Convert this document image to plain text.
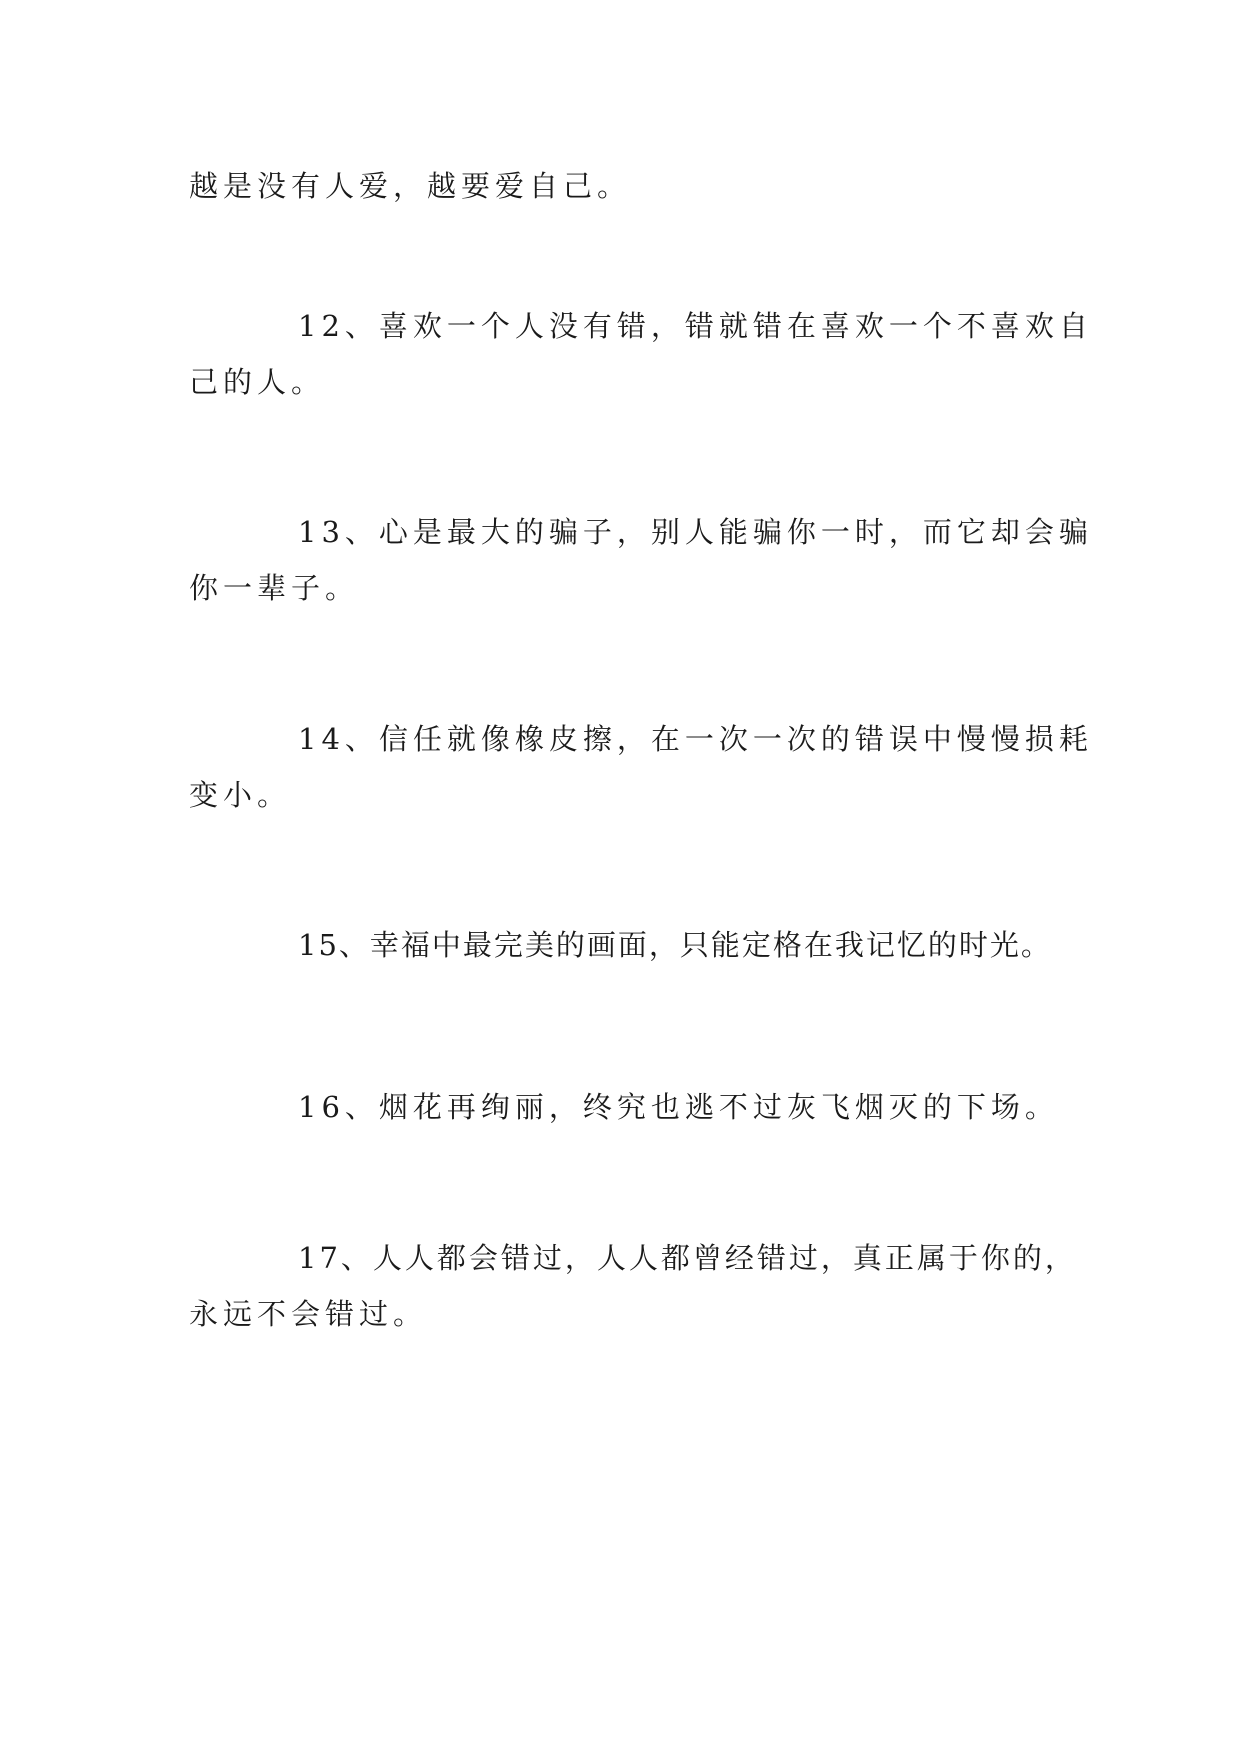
越是没有人爱，越要爱自己。
12、喜欢一个人没有错，错就错在喜欢一个不喜欢自
己的人。
13、心是最大的骗子，别人能骗你一时，而它却会骗
你一辈子。
14、信任就像橡皮擦，在一次一次的错误中慢慢损耗
变小。
15、幸福中最完美的画面，只能定格在我记忆的时光。
16、烟花再绚丽，终究也逃不过灰飞烟灭的下场。
17、人人都会错过，人人都曾经错过，真正属于你的，
永远不会错过。
